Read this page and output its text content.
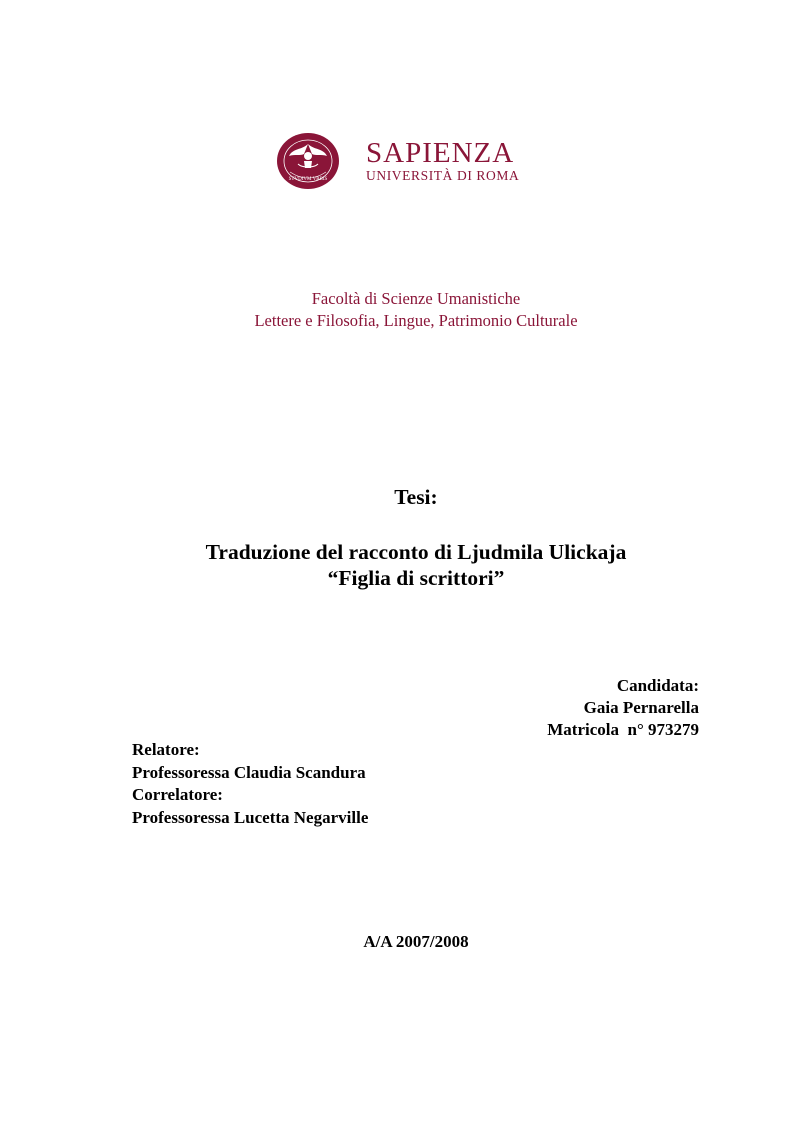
STVDIVM VRBIS
SAPIENZA
UNIVERSITÀ DI ROMA
Facoltà di Scienze Umanistiche
Lettere e Filosofia, Lingue, Patrimonio Culturale
Tesi:
Traduzione del racconto di Ljudmila Ulickaja
“Figlia di scrittori”
Candidata:
Gaia Pernarella
Matricola  n° 973279
Relatore:
Professoressa Claudia Scandura
Correlatore:
Professoressa Lucetta Negarville
A/A 2007/2008
